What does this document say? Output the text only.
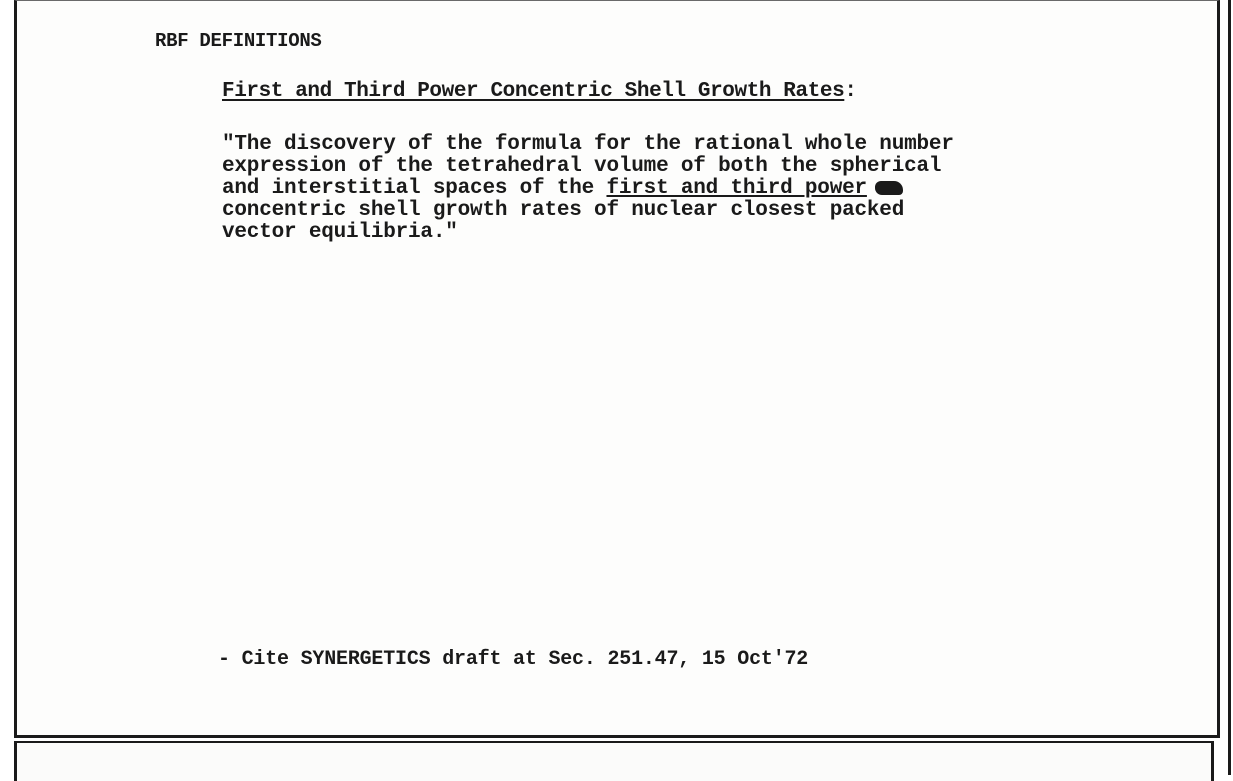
RBF DEFINITIONS
First and Third Power Concentric Shell Growth Rates:
"The discovery of the formula for the rational whole number
expression of the tetrahedral volume of both the spherical
and interstitial spaces of the first and third power
concentric shell growth rates of nuclear closest packed
vector equilibria."
- Cite SYNERGETICS draft at Sec. 251.47, 15 Oct'72
